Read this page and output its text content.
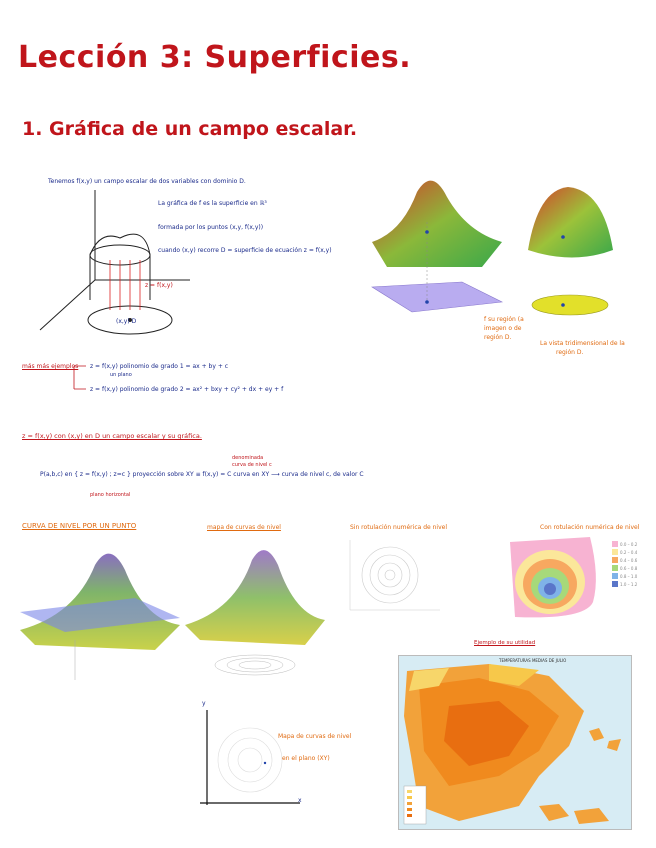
Lección 3: Superficies.
1. Gráfica de un campo escalar.
z = f(x,y)
(x,y) D
Tenemos f(x,y) un campo escalar de dos variables con dominio D.
La gráfica de f es la superficie en ℝ³
formada por los puntos (x,y, f(x,y))
cuando (x,y) recorre D = superficie de ecuación z = f(x,y)
f su región (a
imagen o de
región D.
La vista tridimensional de la
región D.
más más ejemplos z = f(x,y) polinomio de grado 1 = ax + by + c
un plano
z = f(x,y) polinomio de grado 2 = ax² + bxy + cy² + dx + ey + f
z = f(x,y) con (x,y) en D un campo escalar y su gráfica.
denominada
curva de nivel c
P(a,b,c) en { z = f(x,y) ; z=c } proyección sobre XY ≡ f(x,y) = C curva en XY ⟶ curva de nivel c, de valor C
plano horizontal
CURVA DE NIVEL POR UN PUNTO	mapa de curvas de nivel	Sin rotulación numérica de nivel	Con rotulación numérica de nivel
0.0 – 0.2
0.2 – 0.4
0.4 – 0.6
0.6 – 0.8
0.8 – 1.0
1.0 – 1.2
y
x
Mapa de curvas de nivel
en el plano (XY)
Ejemplo de su utilidad
TEMPERATURAS MEDIAS DE JULIO
